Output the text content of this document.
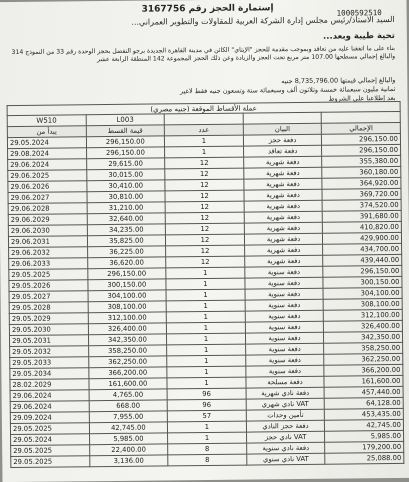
إستمارة الحجز رقم 3167756	1000592510
السيد الاستاذ/رئيس مجلس إدارة الشركة العربية للمقاولات والتطوير العمراني...
تحية طيبة وبعد...
بناء على ما اتفقنا عليه من تعاقد وبموجب مقدمة للحجز "الإيتاي" الكائن في مدينة القاهرة الجديدة برجو التفضل بحجز الوحدة رقم 33 من النموذج 314 والبالغ إجمالي مسطحها 107.00 متر مربع تحت العجز والزيادة وعن ذلك الحجز المجموعة 142 المنطقة الرابعة عشر
والبالغ إجمالي قيمتها 8,735,796.00 جنيه
ثمانية مليون سبعمائة خمسة وثلاثون ألف وسبعمائة ستة وتسعون جنيه فقط لاغير
بعد إطلاعنا على الشروط
عملة الأقساط الموقعة (جنيه مصري)				
W510	L003			
يبدأ من	قيمة القسط	عدد	البيان	الإجمالي
29.05.2024	296,150.00	1	دفعة حجز	296,150.00
29.08.2024	296,150.00	1	دفعة تعاقد	296,150.00
29.06.2024	29,615.00	12	دفعة شهرية	355,380.00
29.06.2025	30,015.00	12	دفعة شهرية	360,180.00
29.06.2026	30,410.00	12	دفعة شهرية	364,920.00
29.06.2027	30,810.00	12	دفعة شهرية	369,720.00
29.06.2028	31,210.00	12	دفعة شهرية	374,520.00
29.06.2029	32,640.00	12	دفعة شهرية	391,680.00
29.06.2030	34,235.00	12	دفعة شهرية	410,820.00
29.06.2031	35,825.00	12	دفعة شهرية	429,900.00
29.06.2032	36,225.00	12	دفعة شهرية	434,700.00
29.06.2033	36,620.00	12	دفعة شهرية	439,440.00
29.05.2025	296,150.00	1	دفعة سنوية	296,150.00
29.05.2026	300,150.00	1	دفعة سنوية	300,150.00
29.05.2027	304,100.00	1	دفعة سنوية	304,100.00
29.05.2028	308,100.00	1	دفعة سنوية	308,100.00
29.05.2029	312,100.00	1	دفعة سنوية	312,100.00
29.05.2030	326,400.00	1	دفعة سنوية	326,400.00
29.05.2031	342,350.00	1	دفعة سنوية	342,350.00
29.05.2032	358,250.00	1	دفعة سنوية	358,250.00
29.05.2033	362,250.00	1	دفعة سنوية	362,250.00
29.05.2034	366,200.00	1	دفعة سنوية	366,200.00
28.02.2029	161,600.00	1	دفعة مسلحة	161,600.00
29.06.2024	4,765.00	96	دفعة نادي شهرية	457,440.00
29.06.2024	668.00	96	VAT نادي شهري	64,128.00
29.09.2024	7,955.00	57	تأمين وحدات	453,435.00
29.05.2025	42,745.00	1	دفعة حجز النادي	42,745.00
29.05.2024	5,985.00	1	VAT نادي حجز	5,985.00
29.05.2025	22,400.00	8	دفعة نادي سنوية	179,200.00
29.05.2025	3,136.00	8	VAT نادي سنوي	25,088.00
